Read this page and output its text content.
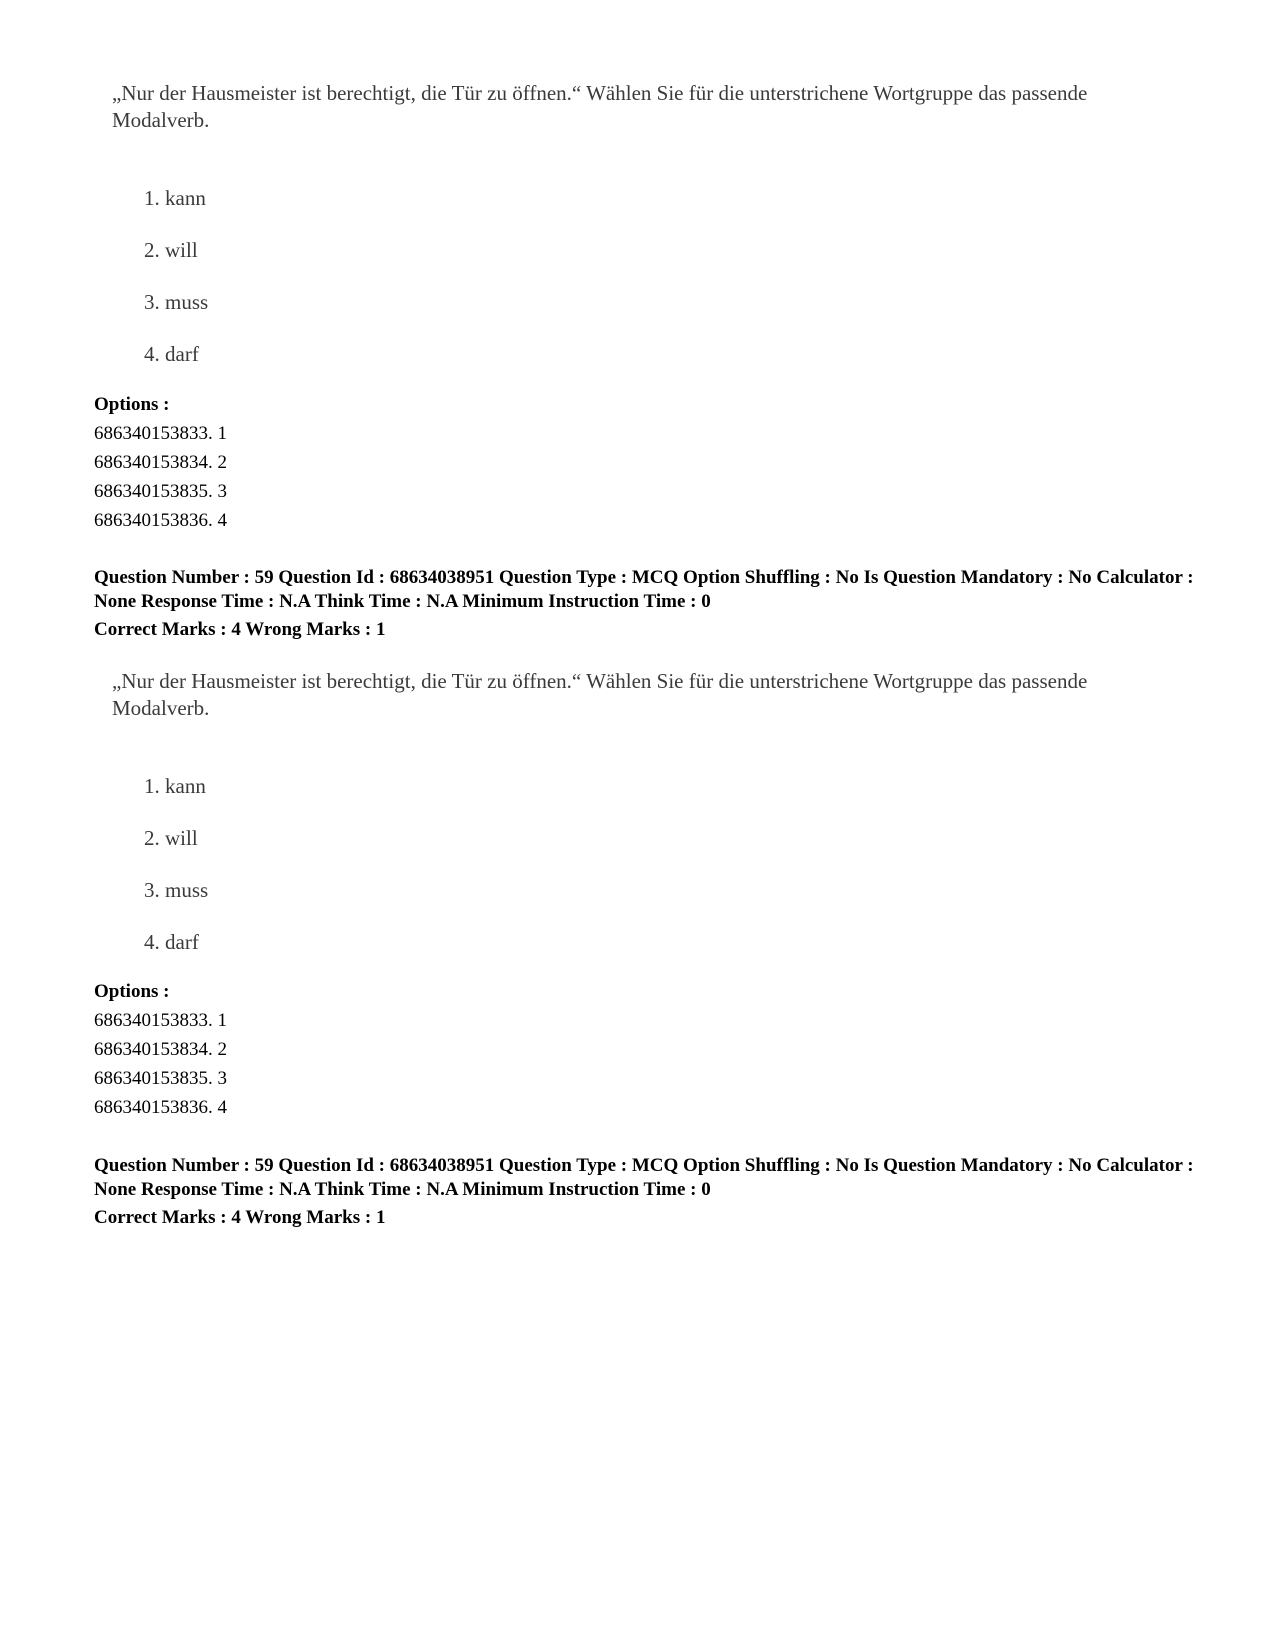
„Nur der Hausmeister ist berechtigt, die Tür zu öffnen.“ Wählen Sie für die unterstrichene Wortgruppe das passende Modalverb.

1. kann

2. will

3. muss

4. darf

Options :
686340153833. 1
686340153834. 2
686340153835. 3
686340153836. 4
Question Number : 59 Question Id : 68634038951 Question Type : MCQ Option Shuffling : No Is Question Mandatory : No Calculator : None Response Time : N.A Think Time : N.A Minimum Instruction Time : 0
Correct Marks : 4 Wrong Marks : 1

„Nur der Hausmeister ist berechtigt, die Tür zu öffnen.“ Wählen Sie für die unterstrichene Wortgruppe das passende Modalverb.

1. kann

2. will

3. muss

4. darf

Options :
686340153833. 1
686340153834. 2
686340153835. 3
686340153836. 4
Question Number : 59 Question Id : 68634038951 Question Type : MCQ Option Shuffling : No Is Question Mandatory : No Calculator : None Response Time : N.A Think Time : N.A Minimum Instruction Time : 0
Correct Marks : 4 Wrong Marks : 1
